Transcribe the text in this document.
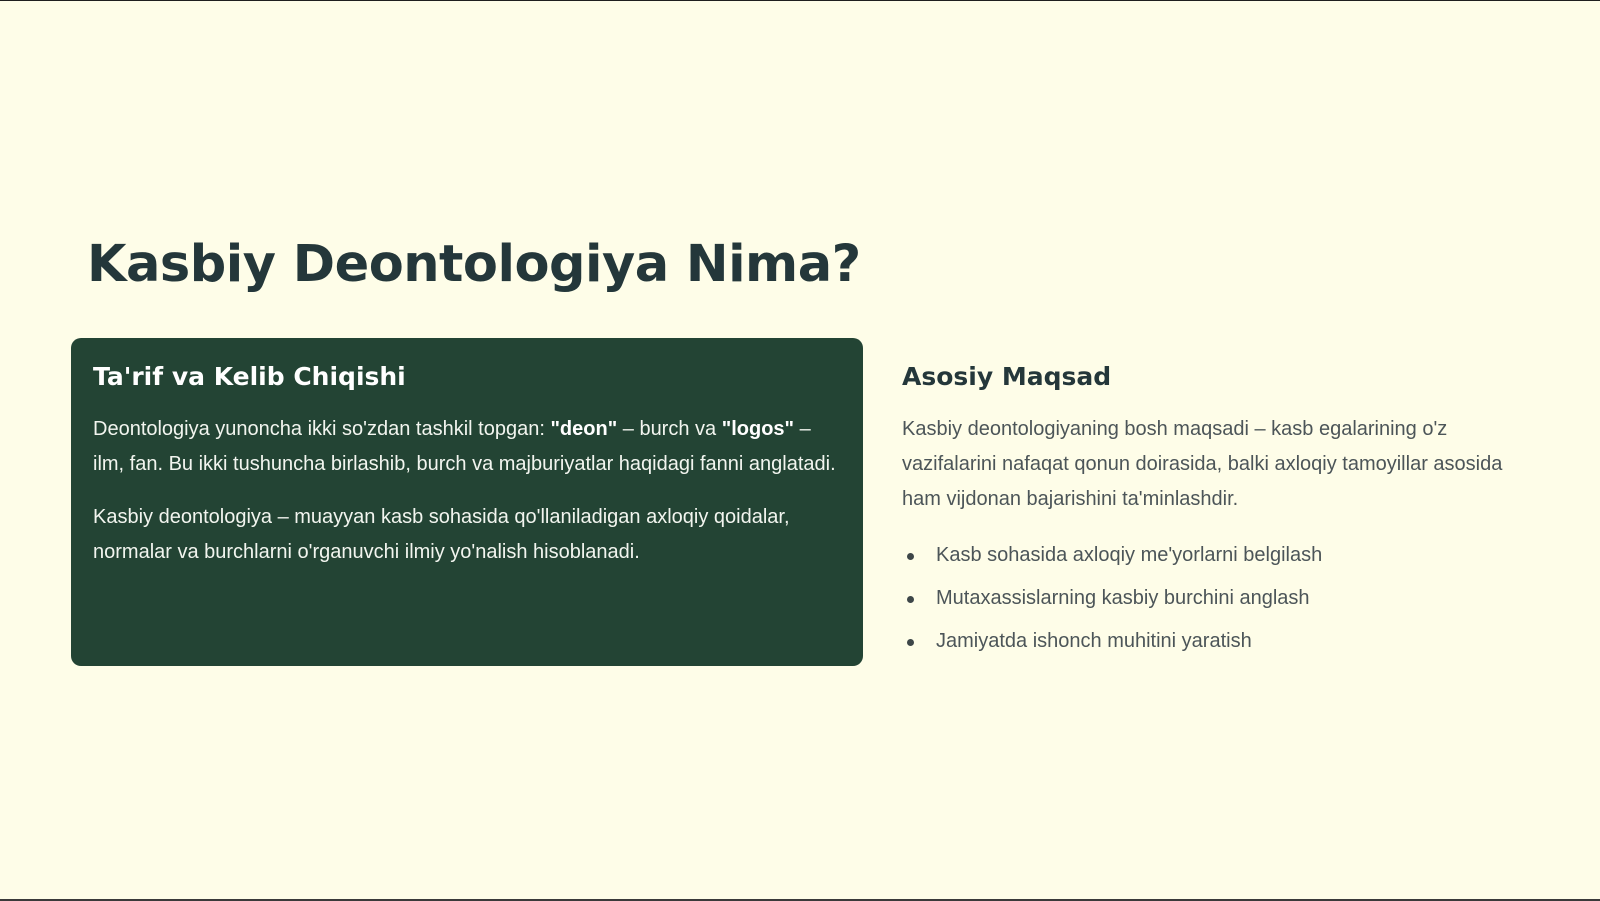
Kasbiy Deontologiya Nima?
Ta'rif va Kelib Chiqishi

Deontologiya yunoncha ikki so'zdan tashkil topgan: "deon" – burch va "logos" – ilm, fan. Bu ikki tushuncha birlashib, burch va majburiyatlar haqidagi fanni anglatadi.

Kasbiy deontologiya – muayyan kasb sohasida qo'llaniladigan axloqiy qoidalar, normalar va burchlarni o'rganuvchi ilmiy yo'nalish hisoblanadi.

Asosiy Maqsad

Kasbiy deontologiyaning bosh maqsadi – kasb egalarining o'z vazifalarini nafaqat qonun doirasida, balki axloqiy tamoyillar asosida ham vijdonan bajarishini ta'minlashdir.

Kasb sohasida axloqiy me'yorlarni belgilash
Mutaxassislarning kasbiy burchini anglash
Jamiyatda ishonch muhitini yaratish
